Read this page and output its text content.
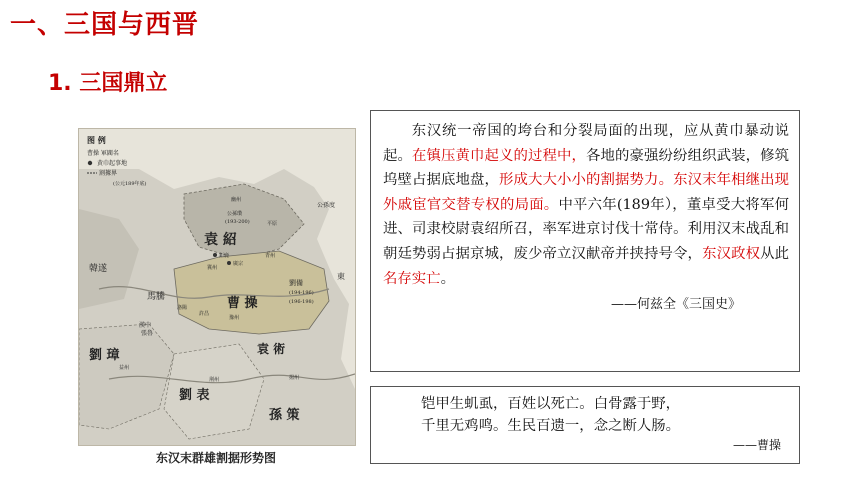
一、三国与西晋
1. 三国鼎立
图 例
曹操 軍閥名
黄巾起事地
割據界
(公元189年底)
袁 紹
曹 操
劉 璋
劉 表
孫 策
袁 術
韓遂
馬騰
公孫度
劉備
幽州
公孫瓚
(193-200)	平原
鉅鹿
冀州
廣宗
青州
許昌
洛陽
豫州
(194-196)
(196-198)
漢中
張魯
益州
荆州	揚州
東
东汉末群雄割据形势图
东汉统一帝国的垮台和分裂局面的出现，应从黄巾暴动说起。在镇压黄巾起义的过程中，各地的豪强纷纷组织武装，修筑坞壁占据底地盘，形成大大小小的割据势力。东汉末年相继出现外戚宦官交替专权的局面。中平六年(189年），董卓受大将军何进、司隶校尉袁绍所召，率军进京讨伐十常侍。利用汉末战乱和朝廷势弱占据京城，废少帝立汉献帝并挟持号令，东汉政权从此名存实亡。
——何兹全《三国史》
铠甲生虮虱，百姓以死亡。白骨露于野，
千里无鸡鸣。生民百遗一，念之断人肠。
——曹操
